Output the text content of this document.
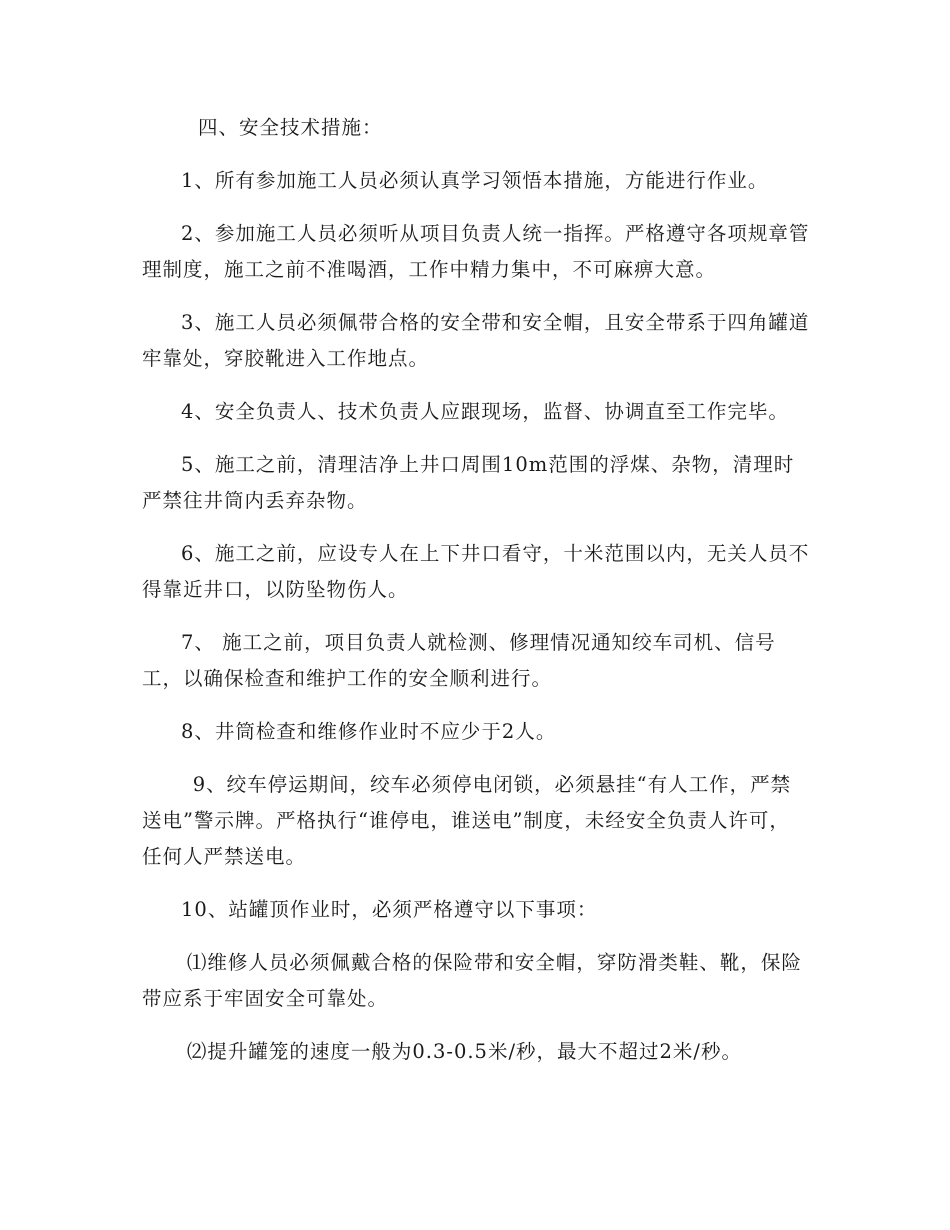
四、安全技术措施：

1、所有参加施工人员必须认真学习领悟本措施，方能进行作业。

2、参加施工人员必须听从项目负责人统一指挥。严格遵守各项规章管理制度，施工之前不准喝酒，工作中精力集中，不可麻痹大意。

3、施工人员必须佩带合格的安全带和安全帽，且安全带系于四角罐道牢靠处，穿胶靴进入工作地点。

4、安全负责人、技术负责人应跟现场，监督、协调直至工作完毕。

5、施工之前，清理洁净上井口周围10m范围的浮煤、杂物，清理时严禁往井筒内丢弃杂物。

6、施工之前，应设专人在上下井口看守，十米范围以内，无关人员不得靠近井口，以防坠物伤人。

7、 施工之前，项目负责人就检测、修理情况通知绞车司机、信号工，以确保检查和维护工作的安全顺利进行。

8、井筒检查和维修作业时不应少于2人。

9、绞车停运期间，绞车必须停电闭锁，必须悬挂“有人工作，严禁送电”警示牌。严格执行“谁停电，谁送电”制度，未经安全负责人许可，任何人严禁送电。

10、站罐顶作业时，必须严格遵守以下事项：

⑴维修人员必须佩戴合格的保险带和安全帽，穿防滑类鞋、靴，保险带应系于牢固安全可靠处。

⑵提升罐笼的速度一般为0.3-0.5米/秒，最大不超过2米/秒。
